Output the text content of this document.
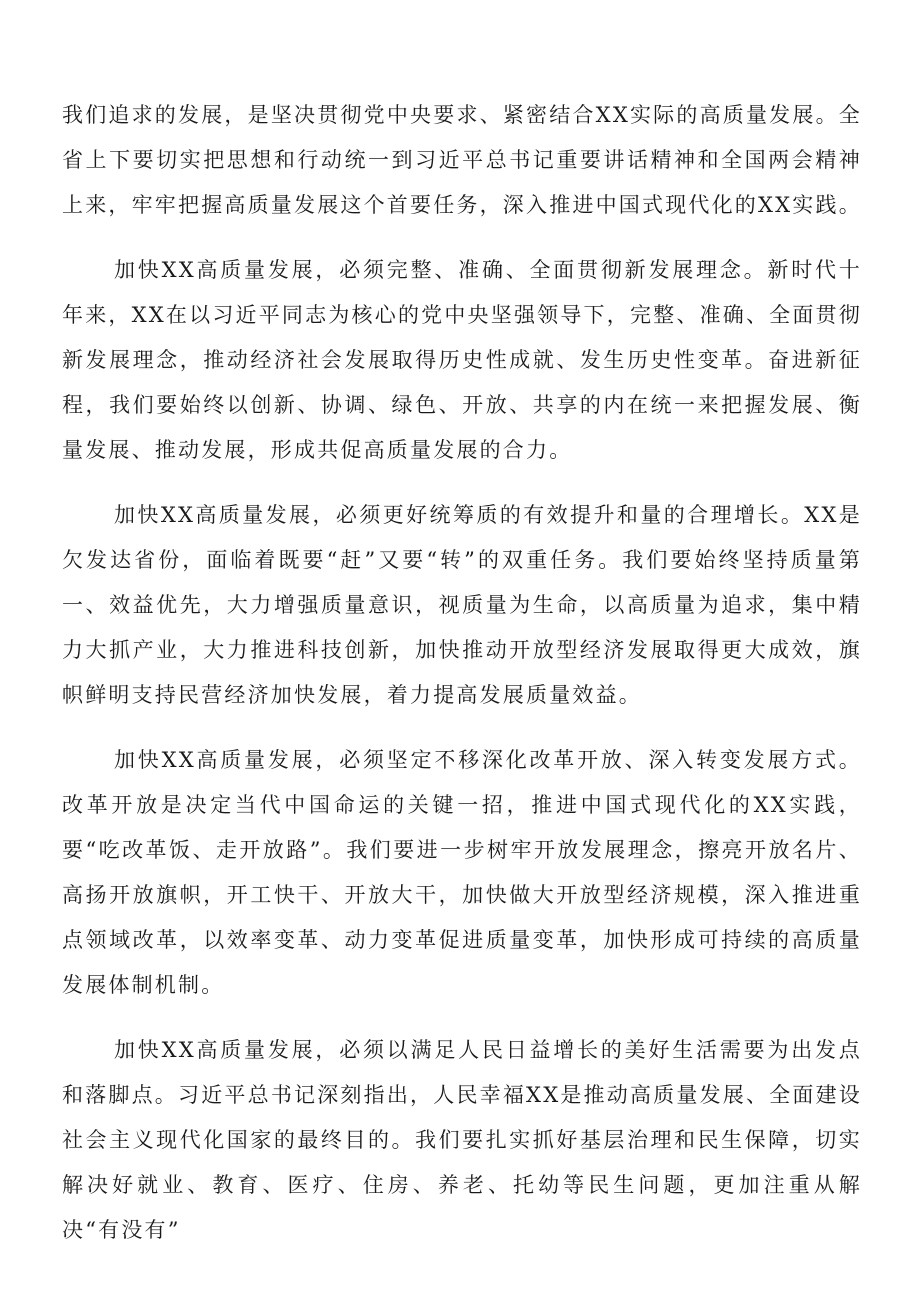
我们追求的发展，是坚决贯彻党中央要求、紧密结合XX实际的高质量发展。全省上下要切实把思想和行动统一到习近平总书记重要讲话精神和全国两会精神上来，牢牢把握高质量发展这个首要任务，深入推进中国式现代化的XX实践。

加快XX高质量发展，必须完整、准确、全面贯彻新发展理念。新时代十年来，XX在以习近平同志为核心的党中央坚强领导下，完整、准确、全面贯彻新发展理念，推动经济社会发展取得历史性成就、发生历史性变革。奋进新征程，我们要始终以创新、协调、绿色、开放、共享的内在统一来把握发展、衡量发展、推动发展，形成共促高质量发展的合力。

加快XX高质量发展，必须更好统筹质的有效提升和量的合理增长。XX是欠发达省份，面临着既要“赶”又要“转”的双重任务。我们要始终坚持质量第一、效益优先，大力增强质量意识，视质量为生命，以高质量为追求，集中精力大抓产业，大力推进科技创新，加快推动开放型经济发展取得更大成效，旗帜鲜明支持民营经济加快发展，着力提高发展质量效益。

加快XX高质量发展，必须坚定不移深化改革开放、深入转变发展方式。改革开放是决定当代中国命运的关键一招，推进中国式现代化的XX实践，要“吃改革饭、走开放路”。我们要进一步树牢开放发展理念，擦亮开放名片、高扬开放旗帜，开工快干、开放大干，加快做大开放型经济规模，深入推进重点领域改革，以效率变革、动力变革促进质量变革，加快形成可持续的高质量发展体制机制。

加快XX高质量发展，必须以满足人民日益增长的美好生活需要为出发点和落脚点。习近平总书记深刻指出，人民幸福XX是推动高质量发展、全面建设社会主义现代化国家的最终目的。我们要扎实抓好基层治理和民生保障，切实解决好就业、教育、医疗、住房、养老、托幼等民生问题，更加注重从解决“有没有”
